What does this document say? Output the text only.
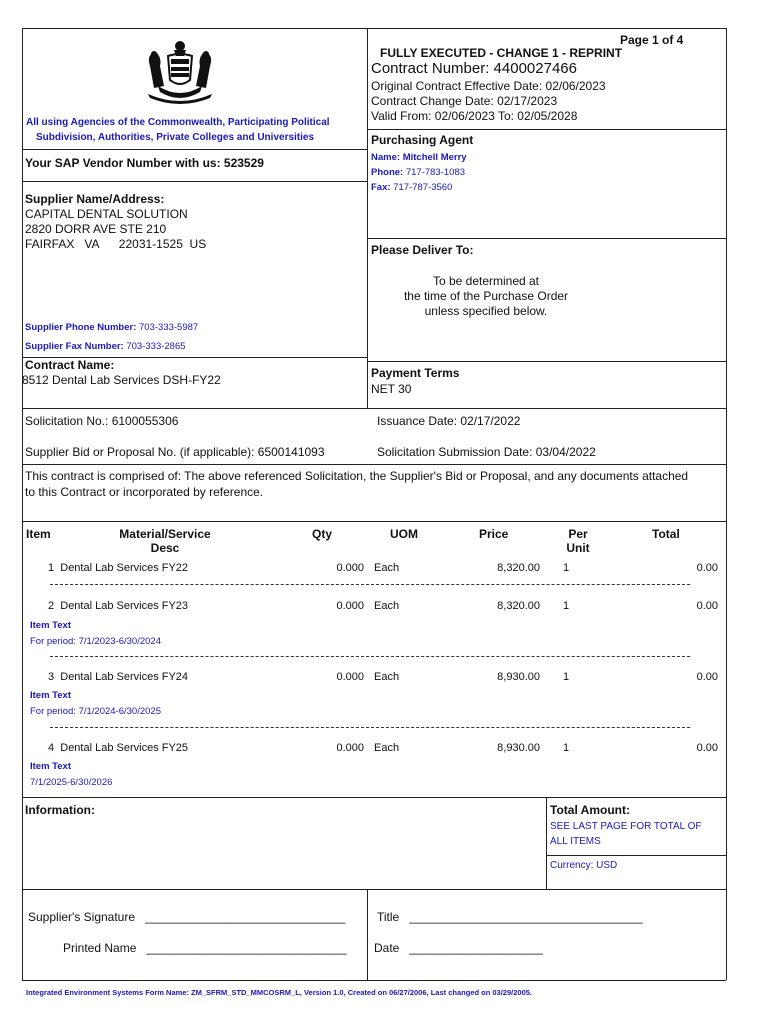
Page 1 of 4
FULLY EXECUTED - CHANGE 1 - REPRINT
Contract Number: 4400027466
Original Contract Effective Date: 02/06/2023
Contract Change Date: 02/17/2023
Valid From: 02/06/2023 To: 02/05/2028
All using Agencies of the Commonwealth, Participating Political
Subdivision, Authorities, Private Colleges and Universities
Your SAP Vendor Number with us: 523529
Purchasing Agent
Name: Mitchell Merry
Phone: 717-783-1083
Fax: 717-787-3560
Supplier Name/Address:
CAPITAL DENTAL SOLUTION
2820 DORR AVE STE 210
FAIRFAX   VA      22031-1525  US
Supplier Phone Number: 703-333-5987
Supplier Fax Number: 703-333-2865
Please Deliver To:
To be determined at
the time of the Purchase Order
unless specified below.
Contract Name:
8512 Dental Lab Services DSH-FY22	Payment Terms
NET 30
Solicitation No.: 6100055306	Issuance Date: 02/17/2022
Supplier Bid or Proposal No. (if applicable): 6500141093	Solicitation Submission Date: 03/04/2022
This contract is comprised of: The above referenced Solicitation, the Supplier's Bid or Proposal, and any documents attached
to this Contract or incorporated by reference.
Item	Material/Service
Desc
Qty	UOM	Price	Per
Unit
Total
1 Dental Lab Services FY22	0.000 Each	8,320.00 1	0.00
2 Dental Lab Services FY23	0.000 Each	8,320.00 1	0.00
Item Text
For period: 7/1/2023-6/30/2024
3 Dental Lab Services FY24	0.000 Each	8,930.00 1	0.00
Item Text
For period: 7/1/2024-6/30/2025
4 Dental Lab Services FY25	0.000 Each	8,930.00 1	0.00
Item Text
7/1/2025-6/30/2026
Information:	Total Amount:
SEE LAST PAGE FOR TOTAL OF
ALL ITEMS
Currency: USD
Supplier's Signature ______________________________
Printed Name ______________________________
Title ___________________________________
Date ____________________
Integrated Environment Systems Form Name: ZM_SFRM_STD_MMCOSRM_L, Version 1.0, Created on 06/27/2006, Last changed on 03/29/2005.
